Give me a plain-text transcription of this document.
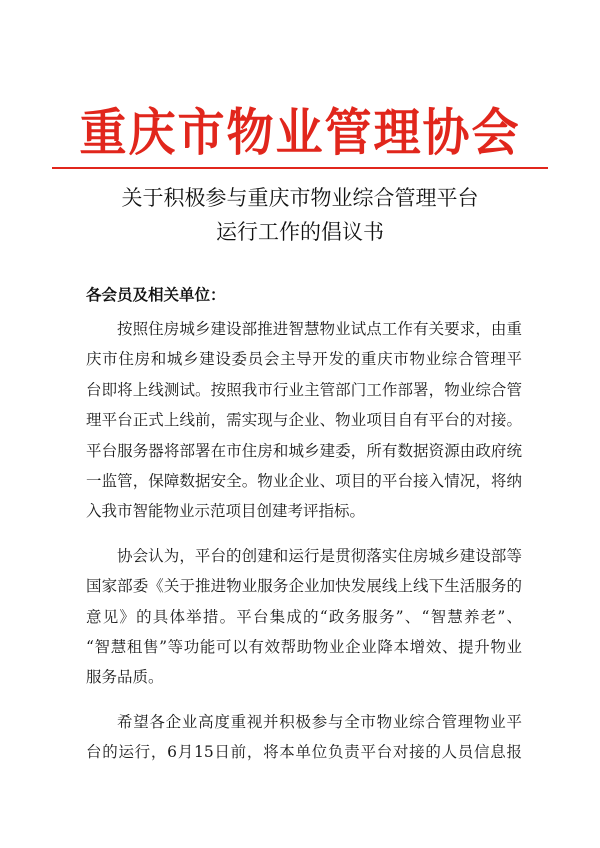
重庆市物业管理协会
关于积极参与重庆市物业综合管理平台
运行工作的倡议书
各会员及相关单位：
按照住房城乡建设部推进智慧物业试点工作有关要求，由重
庆市住房和城乡建设委员会主导开发的重庆市物业综合管理平
台即将上线测试。按照我市行业主管部门工作部署，物业综合管
理平台正式上线前，需实现与企业、物业项目自有平台的对接。
平台服务器将部署在市住房和城乡建委，所有数据资源由政府统
一监管，保障数据安全。物业企业、项目的平台接入情况，将纳
入我市智能物业示范项目创建考评指标。
协会认为，平台的创建和运行是贯彻落实住房城乡建设部等
国家部委《关于推进物业服务企业加快发展线上线下生活服务的
意见》的具体举措。平台集成的“政务服务”、“智慧养老”、
“智慧租售”等功能可以有效帮助物业企业降本增效、提升物业
服务品质。
希望各企业高度重视并积极参与全市物业综合管理物业平
台的运行，6月15日前，将本单位负责平台对接的人员信息报
